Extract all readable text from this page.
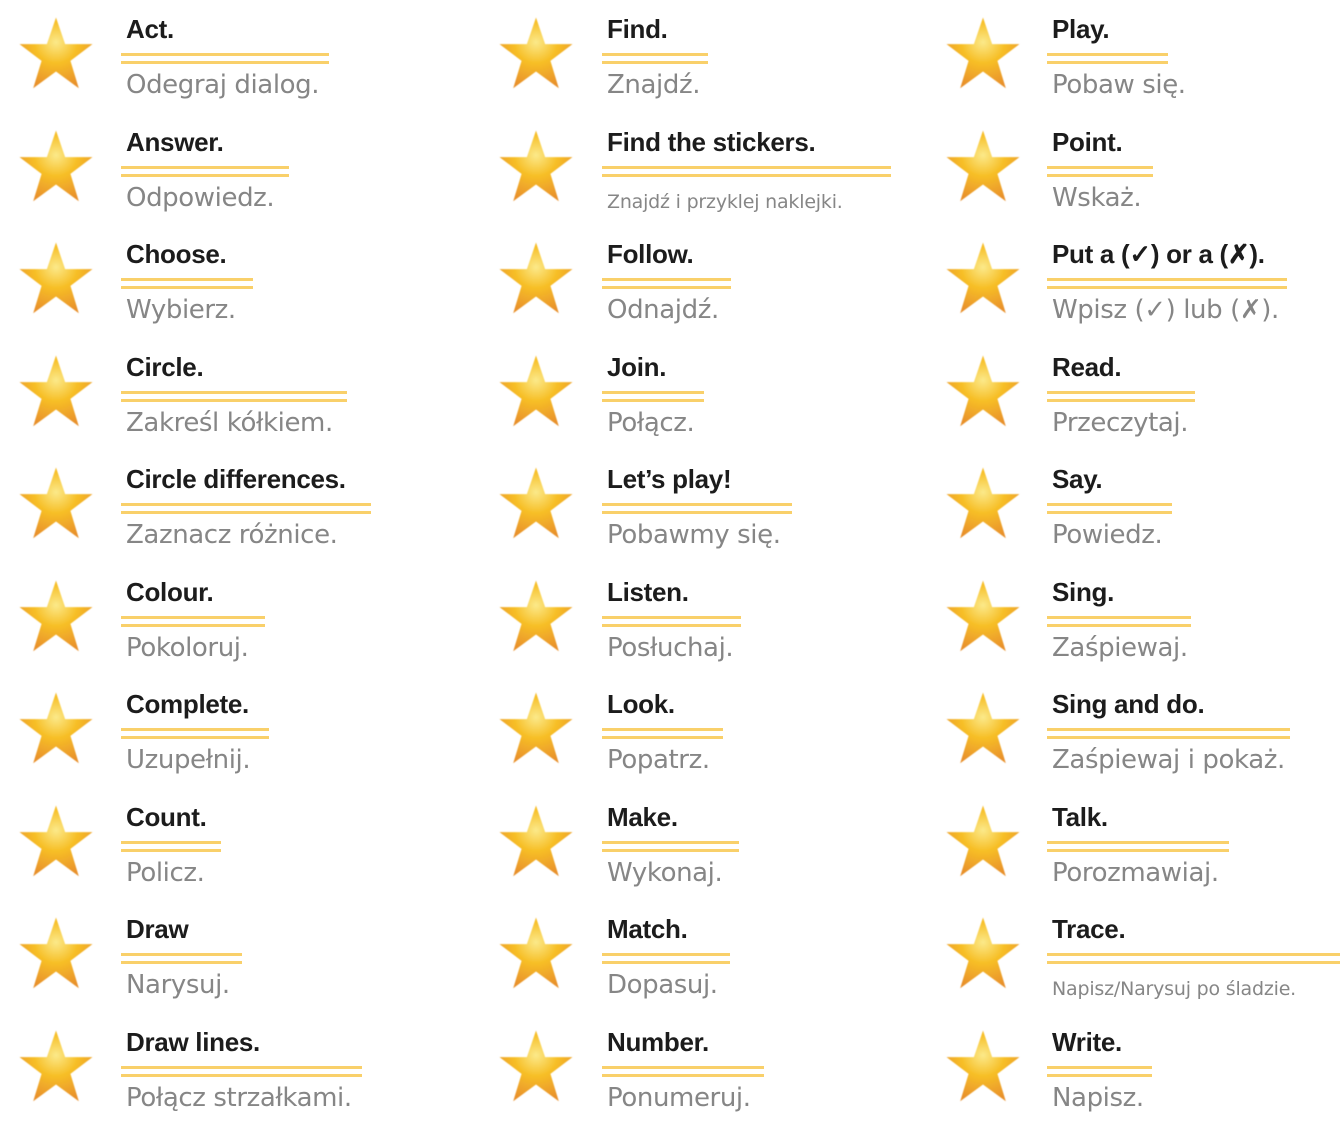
Act.
Odegraj dialog.
Answer.
Odpowiedz.
Choose.
Wybierz.
Circle.
Zakreśl kółkiem.
Circle differences.
Zaznacz różnice.
Colour.
Pokoloruj.
Complete.
Uzupełnij.
Count.
Policz.
Draw
Narysuj.
Draw lines.
Połącz strzałkami.
Find.
Znajdź.
Find the stickers.
Znajdź i przyklej naklejki.
Follow.
Odnajdź.
Join.
Połącz.
Let’s play!
Pobawmy się.
Listen.
Posłuchaj.
Look.
Popatrz.
Make.
Wykonaj.
Match.
Dopasuj.
Number.
Ponumeruj.
Play.
Pobaw się.
Point.
Wskaż.
Put a (✓) or a (✗).
Wpisz (✓) lub (✗).
Read.
Przeczytaj.
Say.
Powiedz.
Sing.
Zaśpiewaj.
Sing and do.
Zaśpiewaj i pokaż.
Talk.
Porozmawiaj.
Trace.
Napisz/Narysuj po śladzie.
Write.
Napisz.
